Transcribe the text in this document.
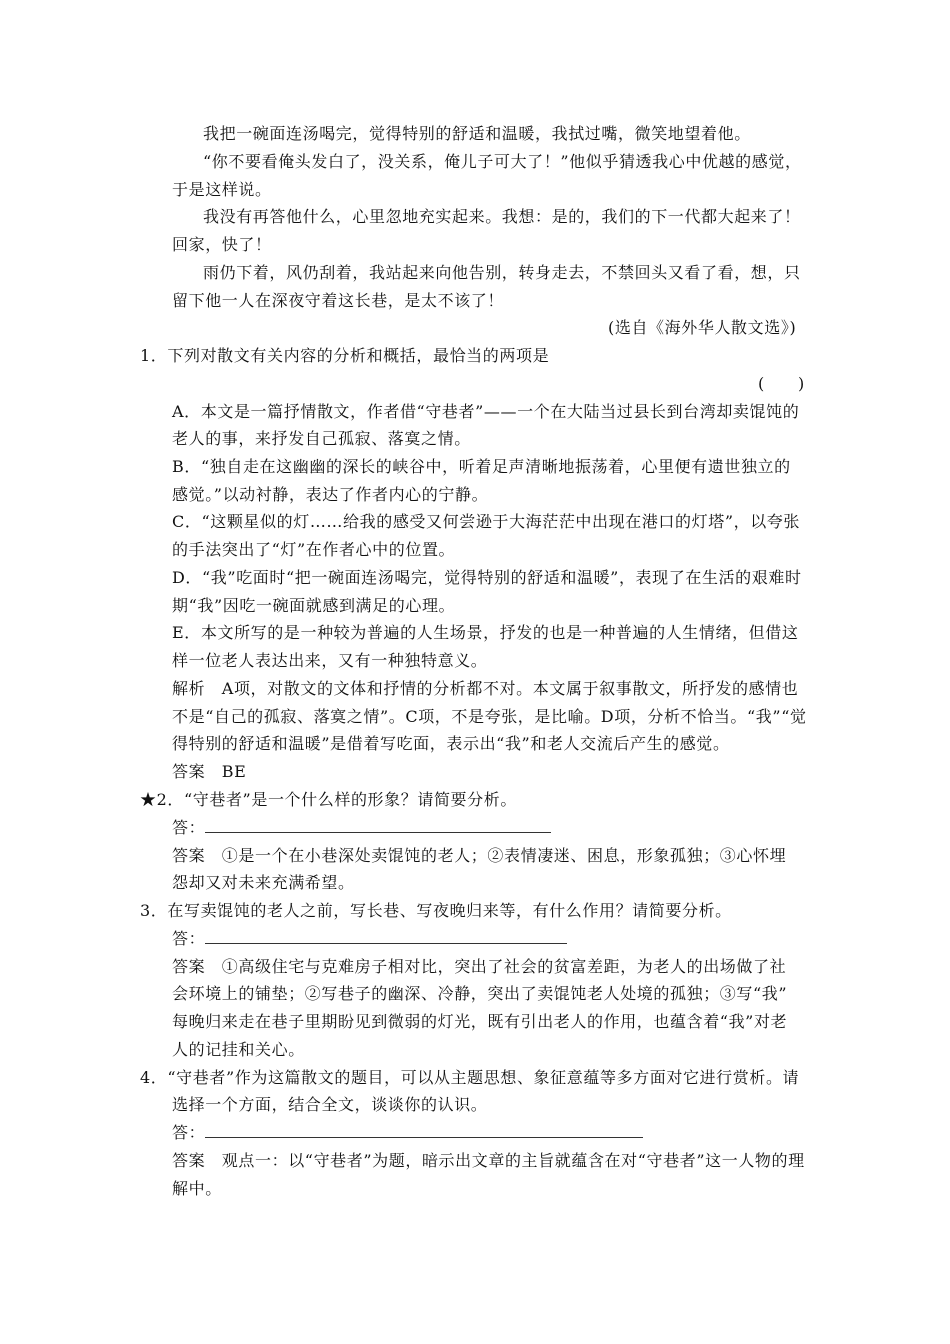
我把一碗面连汤喝完，觉得特别的舒适和温暖，我拭过嘴，微笑地望着他。
“你不要看俺头发白了，没关系，俺儿子可大了！”他似乎猜透我心中优越的感觉，
于是这样说。
我没有再答他什么，心里忽地充实起来。我想：是的，我们的下一代都大起来了！
回家，快了！
雨仍下着，风仍刮着，我站起来向他告别，转身走去，不禁回头又看了看，想，只
留下他一人在深夜守着这长巷，是太不该了！
(选自《海外华人散文选》)
1．下列对散文有关内容的分析和概括，最恰当的两项是
(　　)
A．本文是一篇抒情散文，作者借“守巷者”——一个在大陆当过县长到台湾却卖馄饨的
老人的事，来抒发自己孤寂、落寞之情。
B．“独自走在这幽幽的深长的峡谷中，听着足声清晰地振荡着，心里便有遗世独立的
感觉。”以动衬静，表达了作者内心的宁静。
C．“这颗星似的灯……给我的感受又何尝逊于大海茫茫中出现在港口的灯塔”，以夸张
的手法突出了“灯”在作者心中的位置。
D．“我”吃面时“把一碗面连汤喝完，觉得特别的舒适和温暖”，表现了在生活的艰难时
期“我”因吃一碗面就感到满足的心理。
E．本文所写的是一种较为普遍的人生场景，抒发的也是一种普遍的人生情绪，但借这
样一位老人表达出来，又有一种独特意义。
解析　A项，对散文的文体和抒情的分析都不对。本文属于叙事散文，所抒发的感情也
不是“自己的孤寂、落寞之情”。C项，不是夸张，是比喻。D项，分析不恰当。“我”“觉
得特别的舒适和温暖”是借着写吃面，表示出“我”和老人交流后产生的感觉。
答案　BE
★2．“守巷者”是一个什么样的形象？请简要分析。
答：
答案　①是一个在小巷深处卖馄饨的老人；②表情凄迷、困息，形象孤独；③心怀埋
怨却又对未来充满希望。
3．在写卖馄饨的老人之前，写长巷、写夜晚归来等，有什么作用？请简要分析。
答：
答案　①高级住宅与克难房子相对比，突出了社会的贫富差距，为老人的出场做了社
会环境上的铺垫；②写巷子的幽深、冷静，突出了卖馄饨老人处境的孤独；③写“我”
每晚归来走在巷子里期盼见到微弱的灯光，既有引出老人的作用，也蕴含着“我”对老
人的记挂和关心。
4．“守巷者”作为这篇散文的题目，可以从主题思想、象征意蕴等多方面对它进行赏析。请
选择一个方面，结合全文，谈谈你的认识。
答：
答案　观点一：以“守巷者”为题，暗示出文章的主旨就蕴含在对“守巷者”这一人物的理
解中。
